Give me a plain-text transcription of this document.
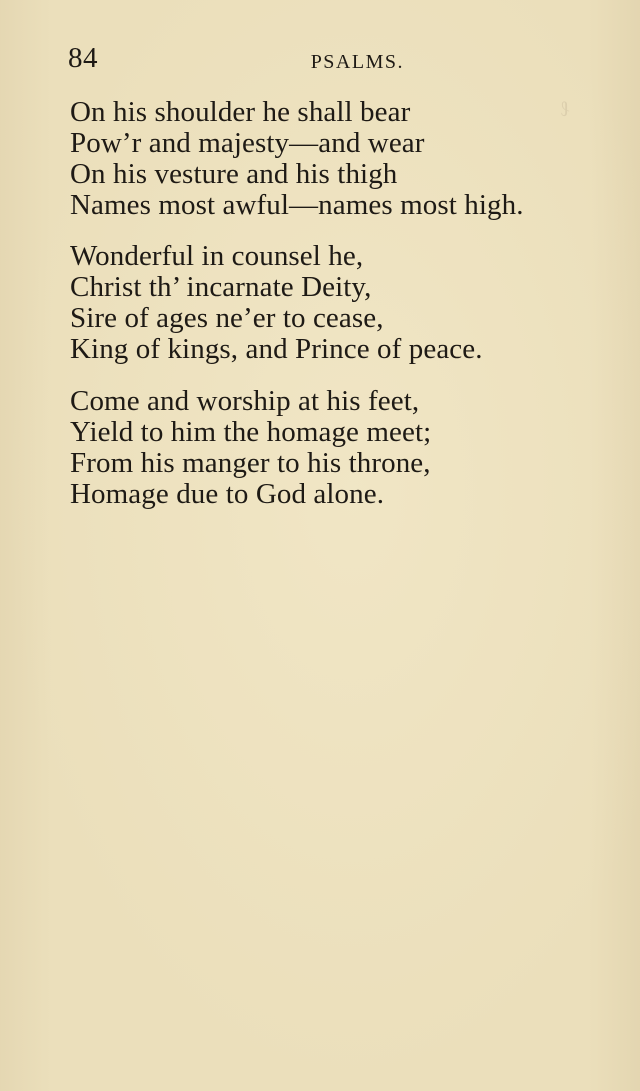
ℓ
84	PSALMS.
On his shoulder he shall bear
Pow’r and majesty—and wear
On his vesture and his thigh
Names most awful—names most high.
Wonderful in counsel he,
Christ th’ incarnate Deity,
Sire of ages ne’er to cease,
King of kings, and Prince of peace.
Come and worship at his feet,
Yield to him the homage meet;
From his manger to his throne,
Homage due to God alone.
